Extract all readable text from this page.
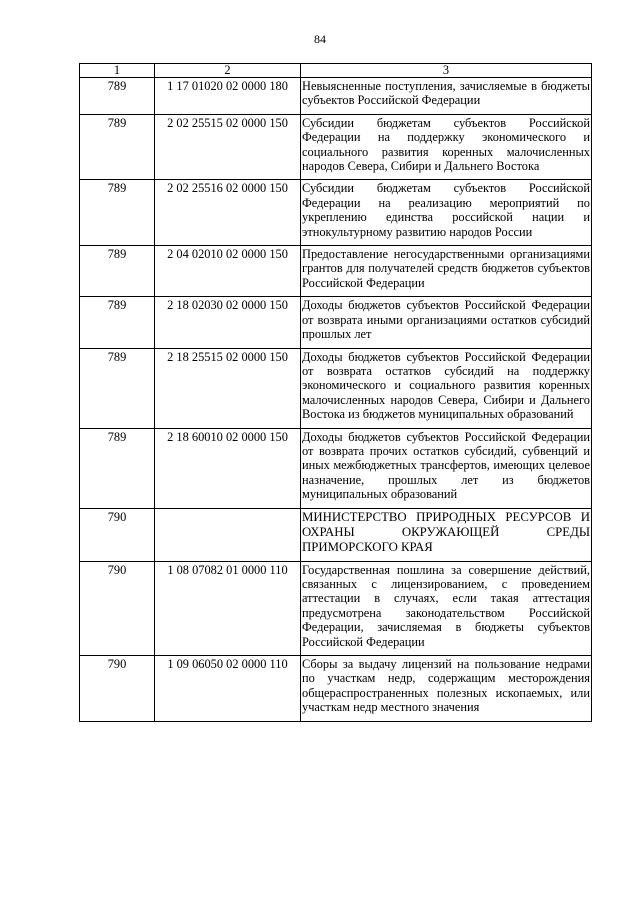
84
1	2	3
789	1 17 01020 02 0000 180	Невыясненные поступления, зачисляемые в бюджеты субъектов Российской Федерации
789	2 02 25515 02 0000 150	Субсидии бюджетам субъектов Российской Федерации на поддержку экономического и социального развития коренных малочисленных народов Севера, Сибири и Дальнего Востока
789	2 02 25516 02 0000 150	Субсидии бюджетам субъектов Российской Федерации на реализацию мероприятий по укреплению единства российской нации и этнокультурному развитию народов России
789	2 04 02010 02 0000 150	Предоставление негосударственными организациями грантов для получателей средств бюджетов субъектов Российской Федерации
789	2 18 02030 02 0000 150	Доходы бюджетов субъектов Российской Федерации от возврата иными организациями остатков субсидий прошлых лет
789	2 18 25515 02 0000 150	Доходы бюджетов субъектов Российской Федерации от возврата остатков субсидий на поддержку экономического и социального развития коренных малочисленных народов Севера, Сибири и Дальнего Востока из бюджетов муниципальных образований
789	2 18 60010 02 0000 150	Доходы бюджетов субъектов Российской Федерации от возврата прочих остатков субсидий, субвенций и иных межбюджетных трансфертов, имеющих целевое назначение, прошлых лет из бюджетов муниципальных образований
790		МИНИСТЕРСТВО ПРИРОДНЫХ РЕСУРСОВ И ОХРАНЫ ОКРУЖАЮЩЕЙ СРЕДЫ ПРИМОРСКОГО КРАЯ
790	1 08 07082 01 0000 110	Государственная пошлина за совершение действий, связанных с лицензированием, с проведением аттестации в случаях, если такая аттестация предусмотрена законодательством Российской Федерации, зачисляемая в бюджеты субъектов Российской Федерации
790	1 09 06050 02 0000 110	Сборы за выдачу лицензий на пользование недрами по участкам недр, содержащим месторождения общераспространенных полезных ископаемых, или участкам недр местного значения
